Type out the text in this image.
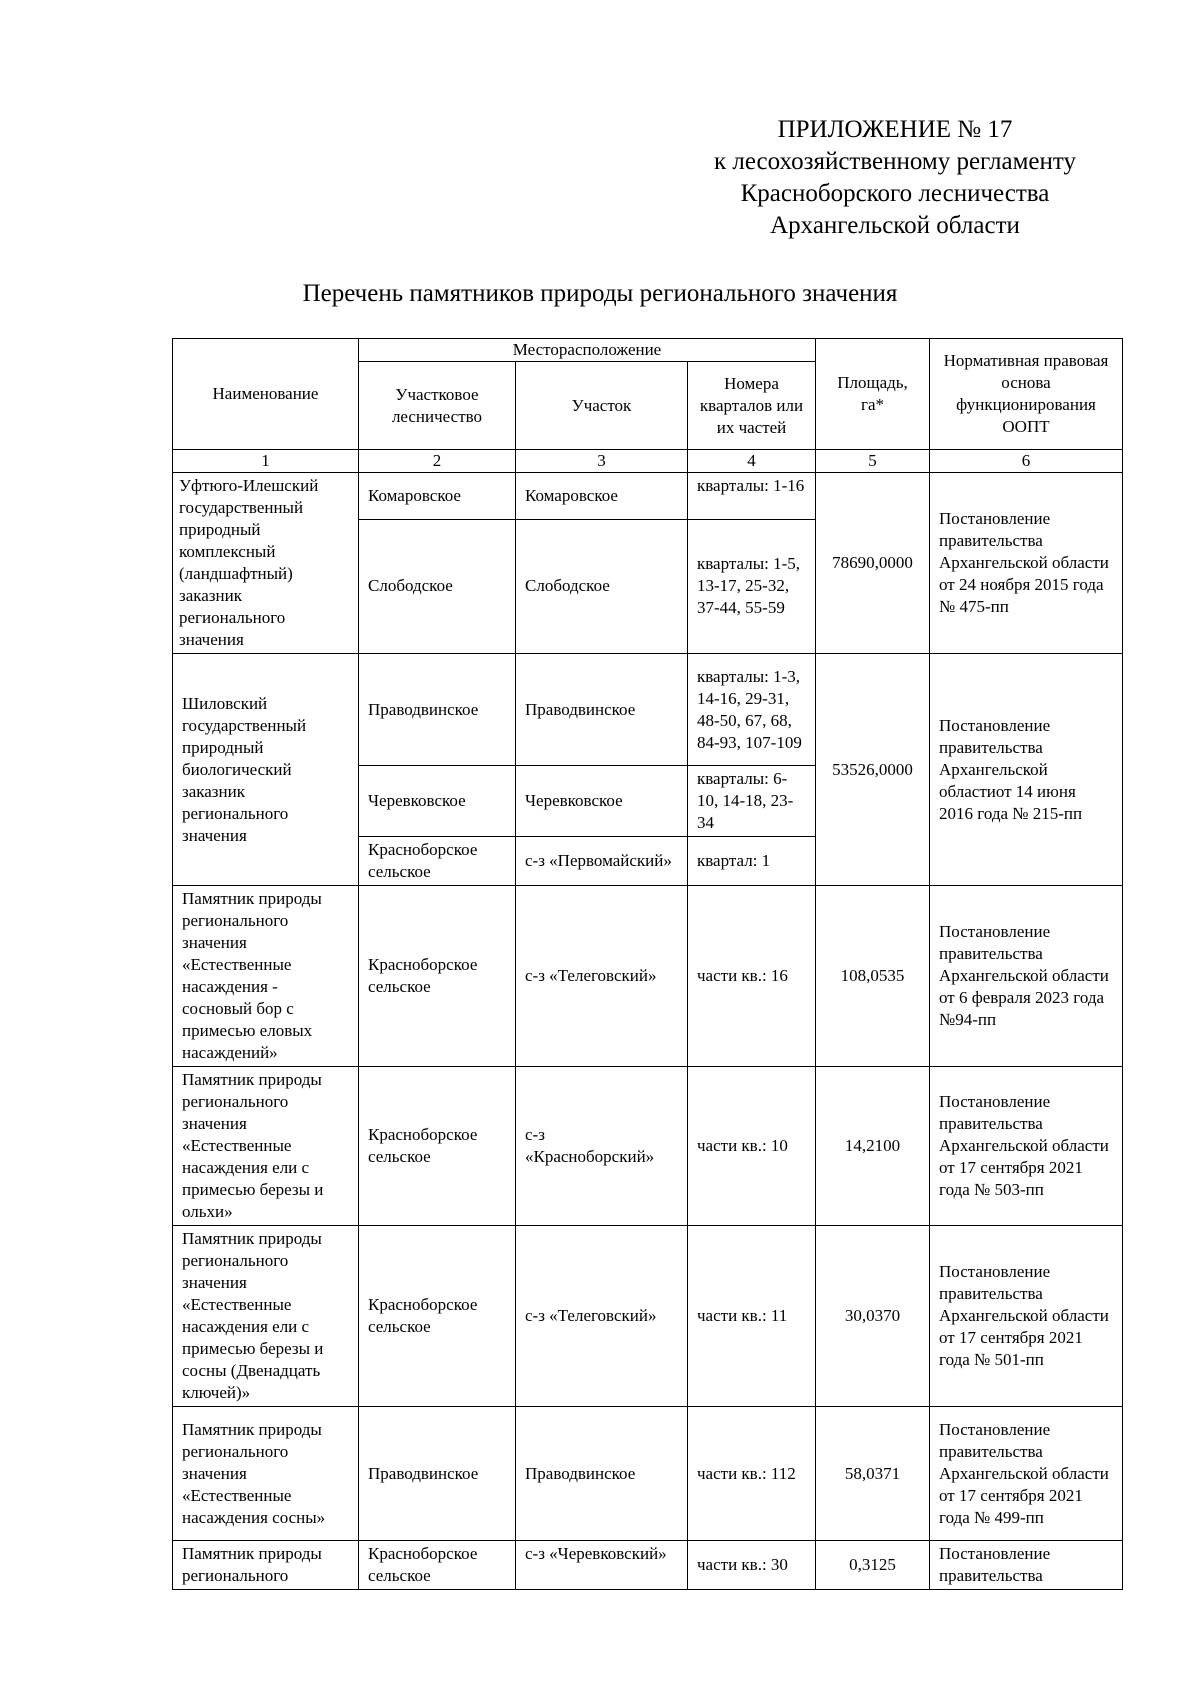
ПРИЛОЖЕНИЕ № 17
к лесохозяйственному регламенту
Красноборского лесничества
Архангельской области
Перечень памятников природы регионального значения
Наименование	Месторасположение			Площадь, га*	Нормативная правовая основа функционирования ООПТ
	Участковое лесничество	Участок	Номера кварталов или их частей		
1	2	3	4	5	6
Уфтюго-Илешский государственный природный комплексный (ландшафтный) заказник регионального значения	Комаровское	Комаровское	кварталы: 1-16	78690,0000	Постановление правительства Архангельской области от 24 ноября 2015 года № 475-пп
	Слободское	Слободское	кварталы: 1-5, 13-17, 25-32, 37-44, 55-59		
Шиловский государственный природный биологический заказник регионального значения	Праводвинское	Праводвинское	кварталы: 1-3, 14-16, 29-31, 48-50, 67, 68, 84-93, 107-109	53526,0000	Постановление правительства Архангельской областиот 14 июня 2016 года № 215-пп
	Черевковское	Черевковское	кварталы: 6-10, 14-18, 23-34		
	Красноборское сельское	с-з «Первомайский»	квартал: 1		
Памятник природы регионального значения «Естественные насаждения - сосновый бор с примесью еловых насаждений»	Красноборское сельское	с-з «Телеговский»	части кв.: 16	108,0535	Постановление правительства Архангельской области от 6 февраля 2023 года №94-пп
Памятник природы регионального значения «Естественные насаждения ели с примесью березы и ольхи»	Красноборское сельское	с-з «Красноборский»	части кв.: 10	14,2100	Постановление правительства Архангельской области от 17 сентября 2021 года № 503-пп
Памятник природы регионального значения «Естественные насаждения ели с примесью березы и сосны (Двенадцать ключей)»	Красноборское сельское	с-з «Телеговский»	части кв.: 11	30,0370	Постановление правительства Архангельской области от 17 сентября 2021 года № 501-пп
Памятник природы регионального значения «Естественные насаждения сосны»	Праводвинское	Праводвинское	части кв.: 112	58,0371	Постановление правительства Архангельской области от 17 сентября 2021 года № 499-пп
Памятник природы регионального	Красноборское сельское	с-з «Черевковский»	части кв.: 30	0,3125	Постановление правительства
